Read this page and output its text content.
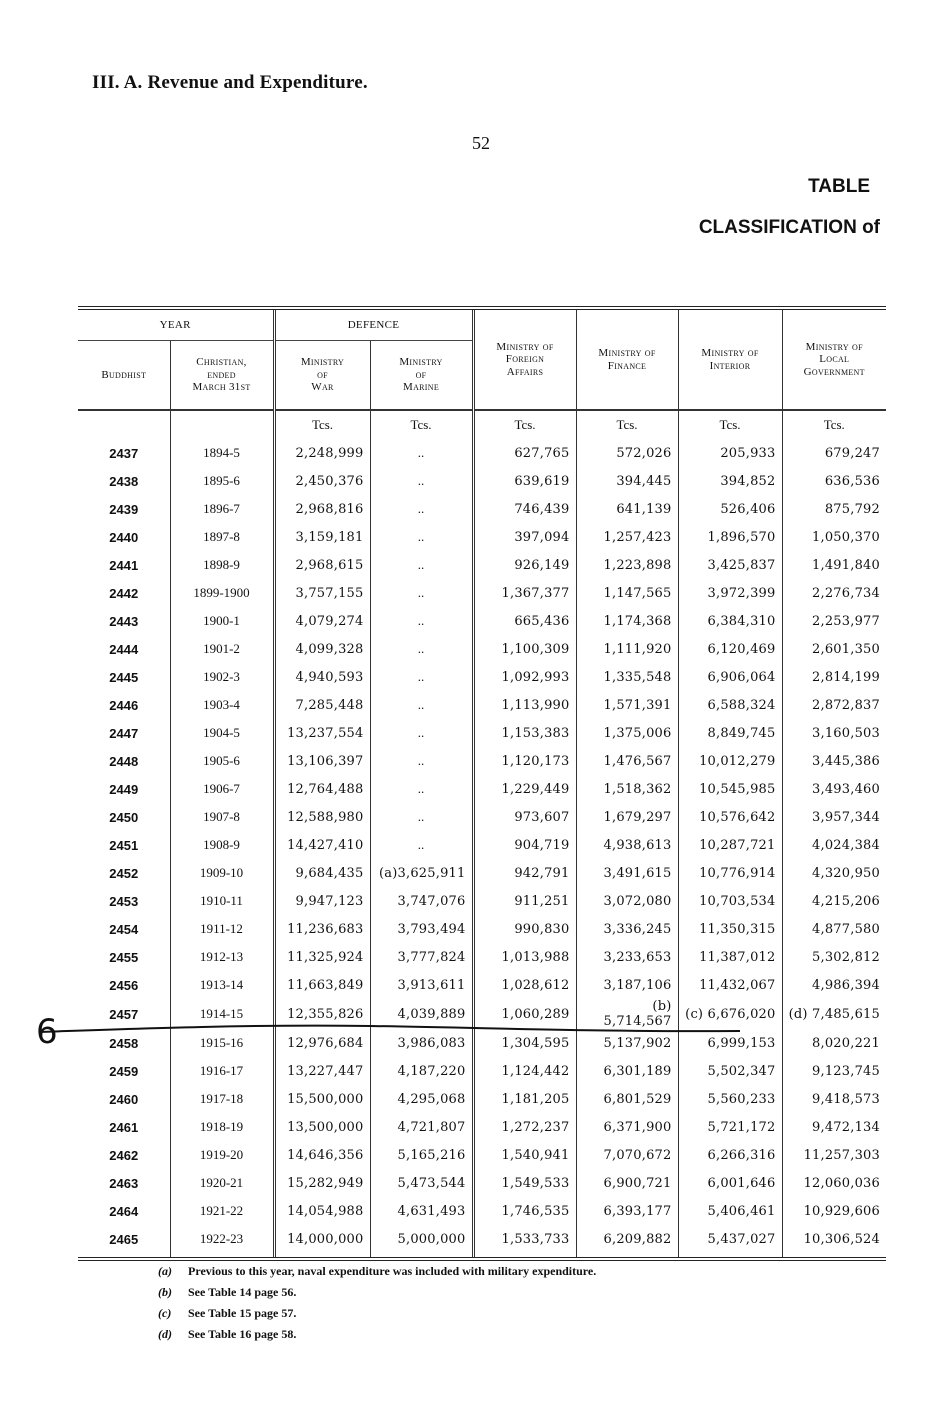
III. A. Revenue and Expenditure.
52
TABLE
CLASSIFICATION of
YEAR		DEFENCE		Ministry of
Foreign
Affairs	Ministry of
Finance	Ministry of
Interior	Ministry of
Local
Government
Buddhist	Christian,
ended
March 31st	Ministry
of
War	Ministry
of
Marine				
		Tcs.	Tcs.	Tcs.	Tcs.	Tcs.	Tcs.
2437	1894-5	2,248,999	..	627,765	572,026	205,933	679,247
2438	1895-6	2,450,376	..	639,619	394,445	394,852	636,536
2439	1896-7	2,968,816	..	746,439	641,139	526,406	875,792
2440	1897-8	3,159,181	..	397,094	1,257,423	1,896,570	1,050,370
2441	1898-9	2,968,615	..	926,149	1,223,898	3,425,837	1,491,840
2442	1899-1900	3,757,155	..	1,367,377	1,147,565	3,972,399	2,276,734
2443	1900-1	4,079,274	..	665,436	1,174,368	6,384,310	2,253,977
2444	1901-2	4,099,328	..	1,100,309	1,111,920	6,120,469	2,601,350
2445	1902-3	4,940,593	..	1,092,993	1,335,548	6,906,064	2,814,199
2446	1903-4	7,285,448	..	1,113,990	1,571,391	6,588,324	2,872,837
2447	1904-5	13,237,554	..	1,153,383	1,375,006	8,849,745	3,160,503
2448	1905-6	13,106,397	..	1,120,173	1,476,567	10,012,279	3,445,386
2449	1906-7	12,764,488	..	1,229,449	1,518,362	10,545,985	3,493,460
2450	1907-8	12,588,980	..	973,607	1,679,297	10,576,642	3,957,344
2451	1908-9	14,427,410	..	904,719	4,938,613	10,287,721	4,024,384
2452	1909-10	9,684,435	(a)3,625,911	942,791	3,491,615	10,776,914	4,320,950
2453	1910-11	9,947,123	3,747,076	911,251	3,072,080	10,703,534	4,215,206
2454	1911-12	11,236,683	3,793,494	990,830	3,336,245	11,350,315	4,877,580
2455	1912-13	11,325,924	3,777,824	1,013,988	3,233,653	11,387,012	5,302,812
2456	1913-14	11,663,849	3,913,611	1,028,612	3,187,106	11,432,067	4,986,394
2457	1914-15	12,355,826	4,039,889	1,060,289	(b) 5,714,567	(c) 6,676,020	(d) 7,485,615
2458	1915-16	12,976,684	3,986,083	1,304,595	5,137,902	6,999,153	8,020,221
2459	1916-17	13,227,447	4,187,220	1,124,442	6,301,189	5,502,347	9,123,745
2460	1917-18	15,500,000	4,295,068	1,181,205	6,801,529	5,560,233	9,418,573
2461	1918-19	13,500,000	4,721,807	1,272,237	6,371,900	5,721,172	9,472,134
2462	1919-20	14,646,356	5,165,216	1,540,941	7,070,672	6,266,316	11,257,303
2463	1920-21	15,282,949	5,473,544	1,549,533	6,900,721	6,001,646	12,060,036
2464	1921-22	14,054,988	4,631,493	1,746,535	6,393,177	5,406,461	10,929,606
2465	1922-23	14,000,000	5,000,000	1,533,733	6,209,882	5,437,027	10,306,524
6
(a) Previous to this year, naval expenditure was included with military expenditure.
(b) See Table 14 page 56.
(c) See Table 15 page 57.
(d) See Table 16 page 58.
